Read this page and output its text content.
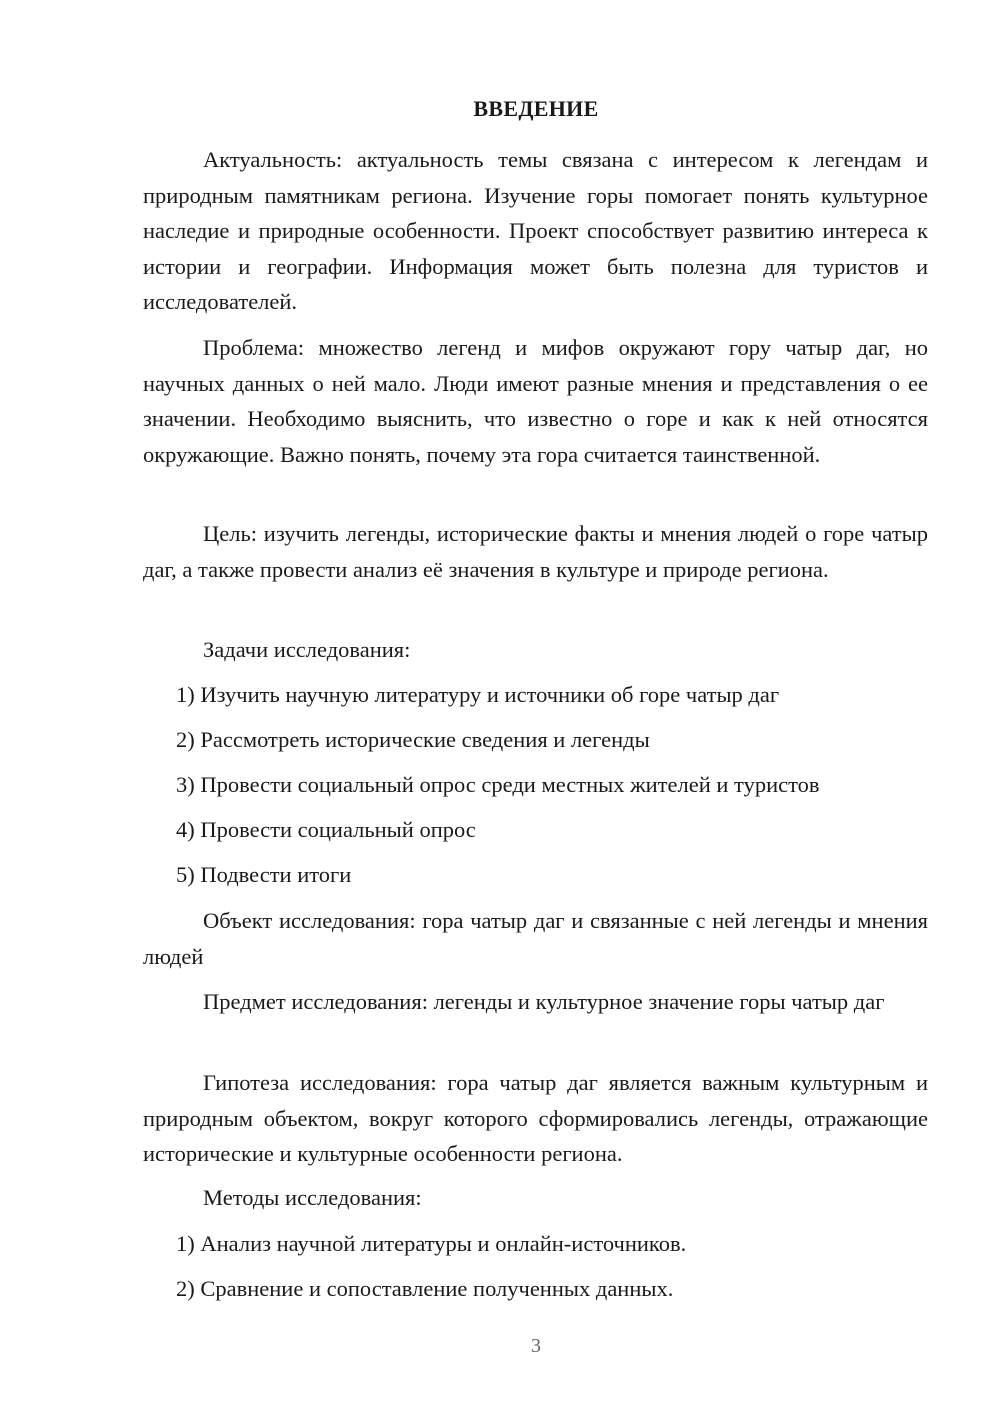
ВВЕДЕНИЕ

Актуальность: актуальность темы связана с интересом к легендам и природным памятникам региона. Изучение горы помогает понять культурное наследие и природные особенности. Проект способствует развитию интереса к истории и географии. Информация может быть полезна для туристов и исследователей.

Проблема: множество легенд и мифов окружают гору чатыр даг, но научных данных о ней мало. Люди имеют разные мнения и представления о ее значении. Необходимо выяснить, что известно о горе и как к ней относятся окружающие. Важно понять, почему эта гора считается таинственной.

Цель: изучить легенды, исторические факты и мнения людей о горе чатыр даг, а также провести анализ её значения в культуре и природе региона.

Задачи исследования:

1) Изучить научную литературу и источники об горе чатыр даг

2) Рассмотреть исторические сведения и легенды

3) Провести социальный опрос среди местных жителей и туристов

4) Провести социальный опрос

5) Подвести итоги

Объект исследования: гора чатыр даг и связанные с ней легенды и мнения людей

Предмет исследования: легенды и культурное значение горы чатыр даг

Гипотеза исследования: гора чатыр даг является важным культурным и природным объектом, вокруг которого сформировались легенды, отражающие исторические и культурные особенности региона.

Методы исследования:

1) Анализ научной литературы и онлайн-источников.

2) Сравнение и сопоставление полученных данных.

3
